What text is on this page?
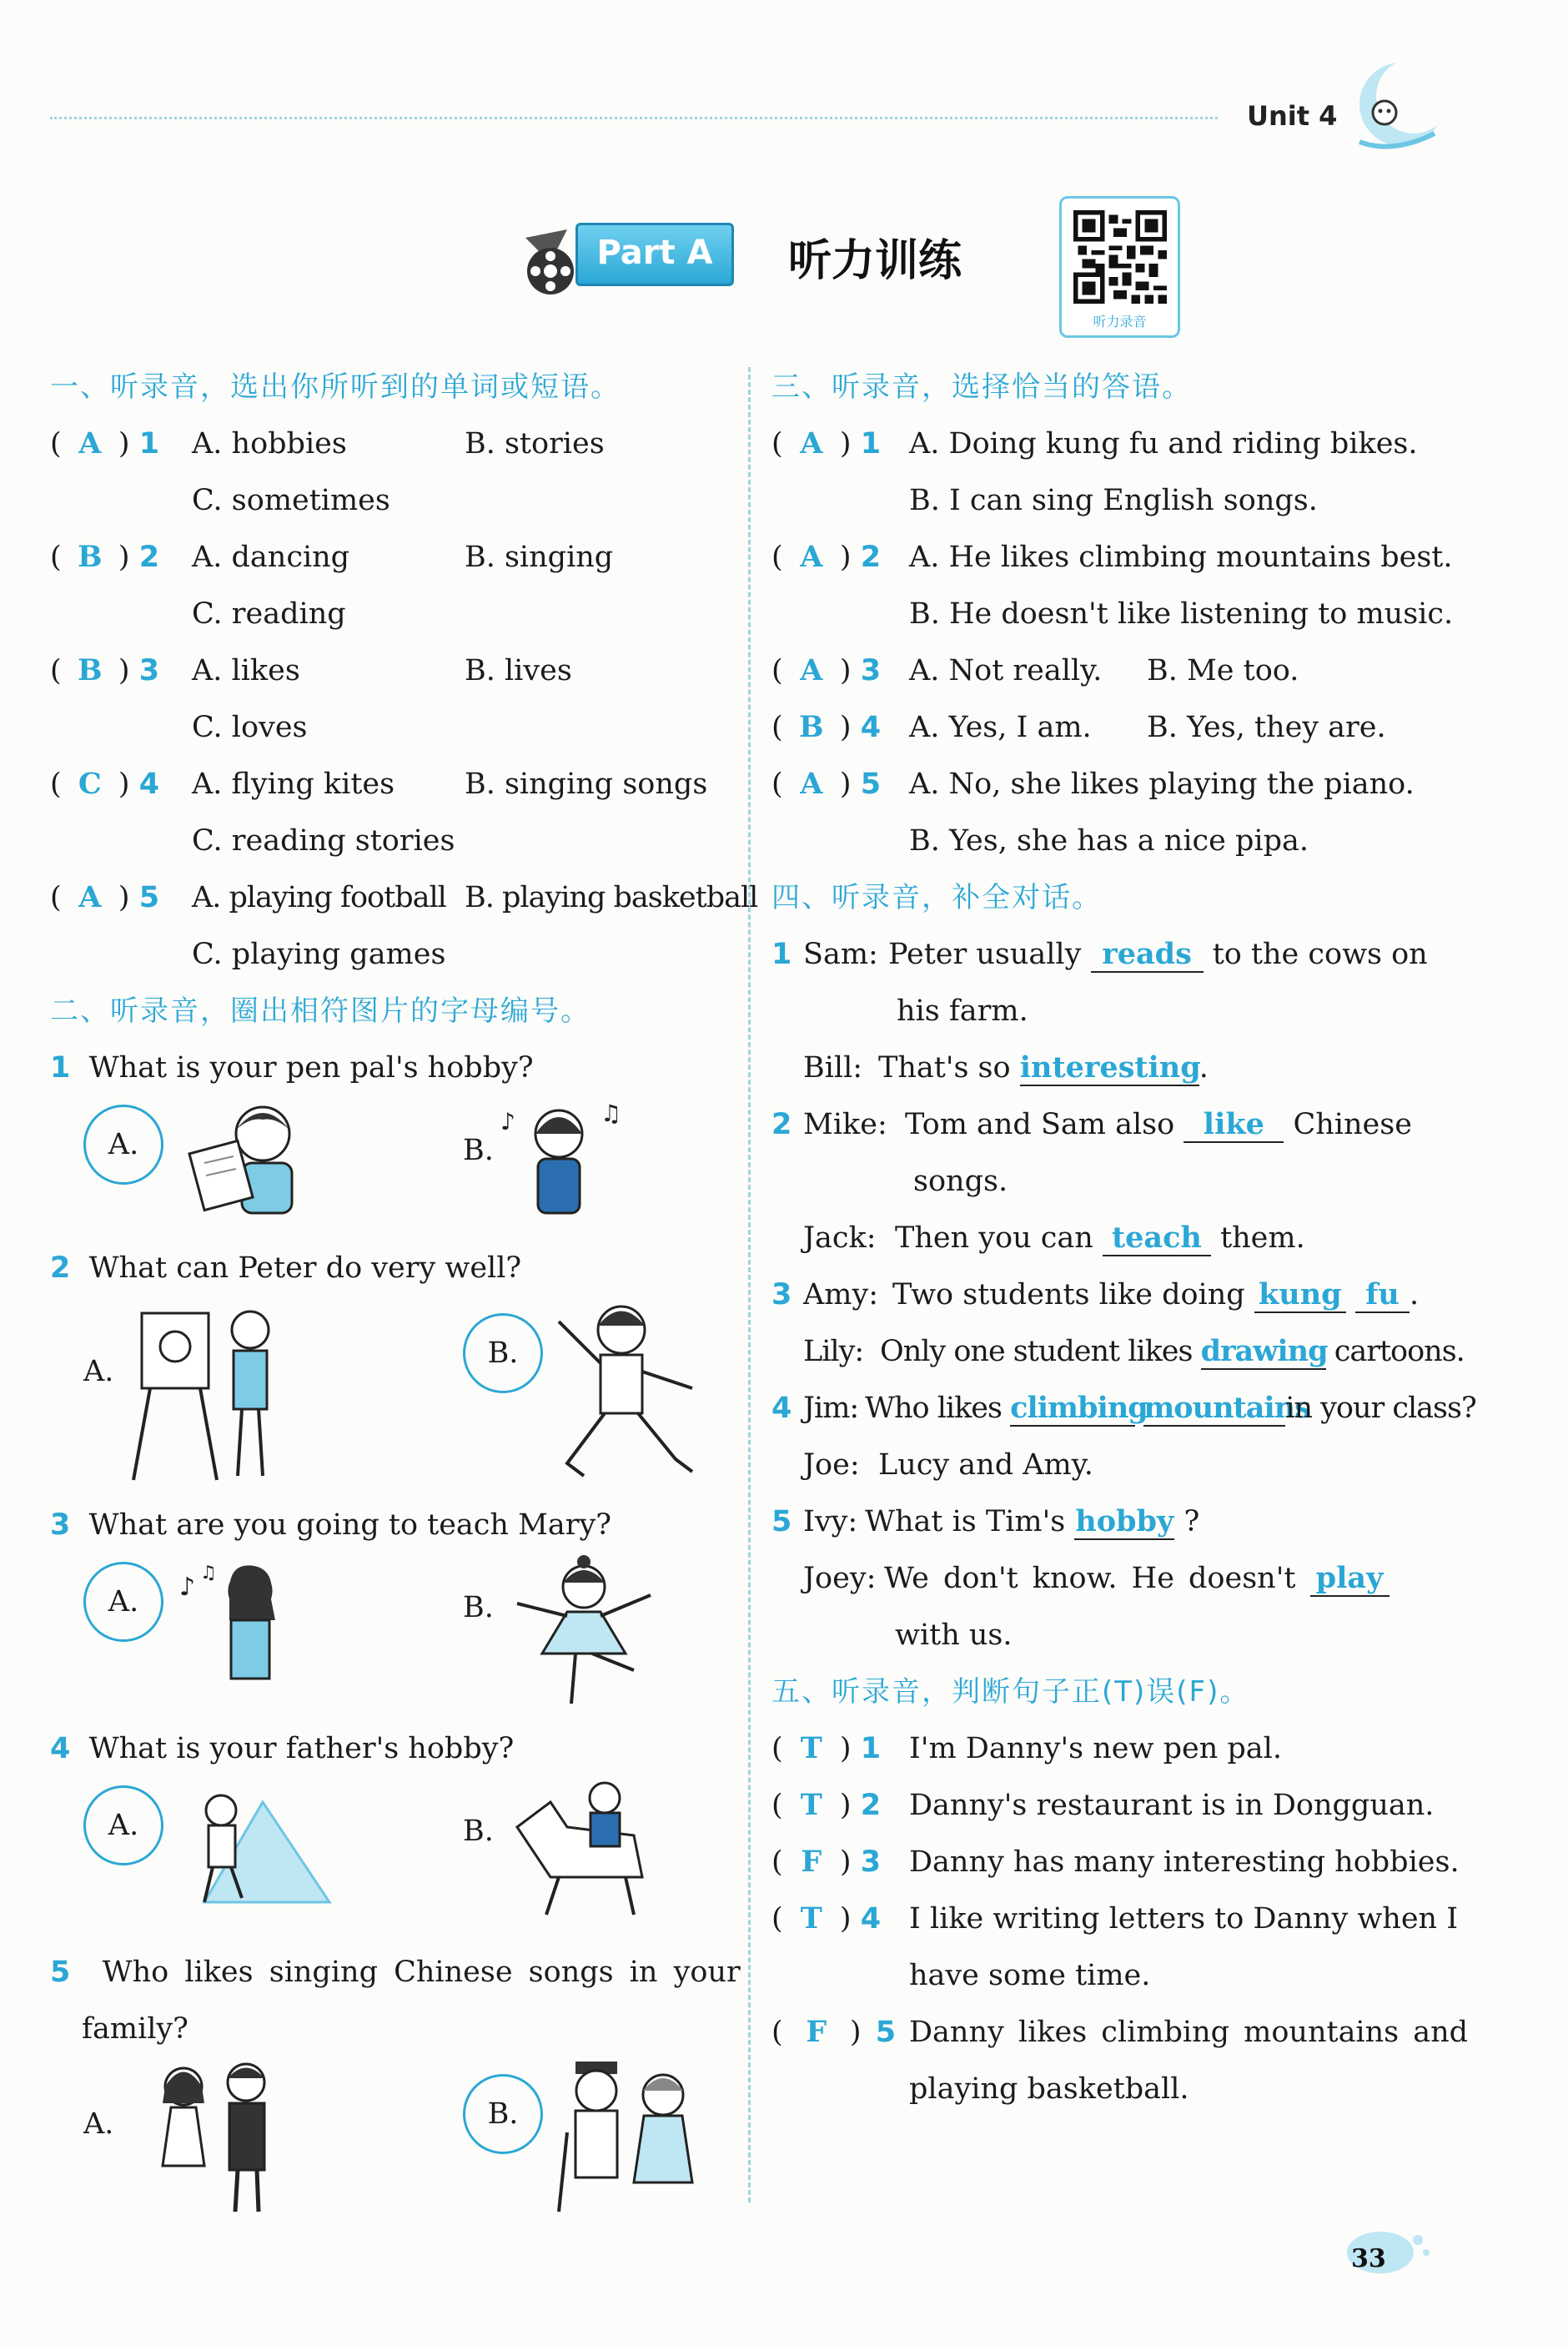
Unit 4
Part A	听力训练
听力录音
一、听录音，选出你所听到的单词或短语。
( A ) 1 A. hobbies	B. stories
C. sometimes
( B ) 2 A. dancing	B. singing
C. reading
( B ) 3 A. likes	B. lives
C. loves
( C ) 4 A. flying kites B. singing songs
C. reading stories
( A ) 5 A. playing football B. playing basketball
C. playing games
二、听录音，圈出相符图片的字母编号。
1 What is your pen pal's hobby?
A.	B.
♪	♫
2 What can Peter do very well?
A.
B.
3 What are you going to teach Mary?
A.	♪ ♫
B.
4 What is your father's hobby?
A.	B.
5 Who likes singing Chinese songs in your
family?
A.	B.
三、听录音，选择恰当的答语。
( A ) 1 A. Doing kung fu and riding bikes.
B. I can sing English songs.
( A ) 2 A. He likes climbing mountains best.
B. He doesn't like listening to music.
( A ) 3 A. Not really. B. Me too.
( B ) 4 A. Yes, I am. B. Yes, they are.
( A ) 5 A. No, she likes playing the piano.
B. Yes, she has a nice pipa.
四、听录音，补全对话。
1 Sam: Peter usually reads to the cows on
his farm.
Bill: That's so interesting.
2 Mike: Tom and Sam also like Chinese
songs.
Jack: Then you can teach them.
3 Amy: Two students like doing kung fu .
Lily: Only one student likes drawing cartoons.
4 Jim: Who likes climbing mountainsin your class?
Joe: Lucy and Amy.
5 Ivy: What is Tim's hobby ?
Joey: We don't know. He doesn't play
with us.
五、听录音，判断句子正(T)误(F)。
( T ) 1 I'm Danny's new pen pal.
( T ) 2 Danny's restaurant is in Dongguan.
( F ) 3 Danny has many interesting hobbies.
( T ) 4 I like writing letters to Danny when I
have some time.
( F ) 5 Danny likes climbing mountains and
playing basketball.
33
